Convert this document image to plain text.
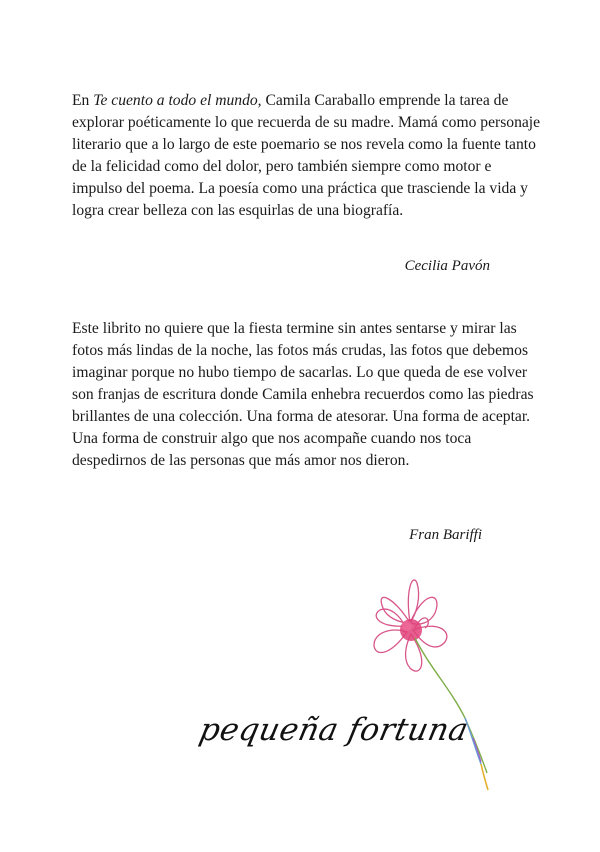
En Te cuento a todo el mundo, Camila Caraballo emprende la tarea de explorar poéticamente lo que recuerda de su madre. Mamá como personaje literario que a lo largo de este poemario se nos revela como la fuente tanto de la felicidad como del dolor, pero también siempre como motor e impulso del poema. La poesía como una práctica que trasciende la vida y logra crear belleza con las esquirlas de una biografía.

Cecilia Pavón

Este librito no quiere que la fiesta termine sin antes sentarse y mirar las fotos más lindas de la noche, las fotos más crudas, las fotos que debemos imaginar porque no hubo tiempo de sacarlas. Lo que queda de ese volver son franjas de escritura donde Camila enhebra recuerdos como las piedras brillantes de una colección. Una forma de atesorar. Una forma de aceptar. Una forma de construir algo que nos acompañe cuando nos toca despedirnos de las personas que más amor nos dieron.

Fran Bariffi
pequeña fortuna
